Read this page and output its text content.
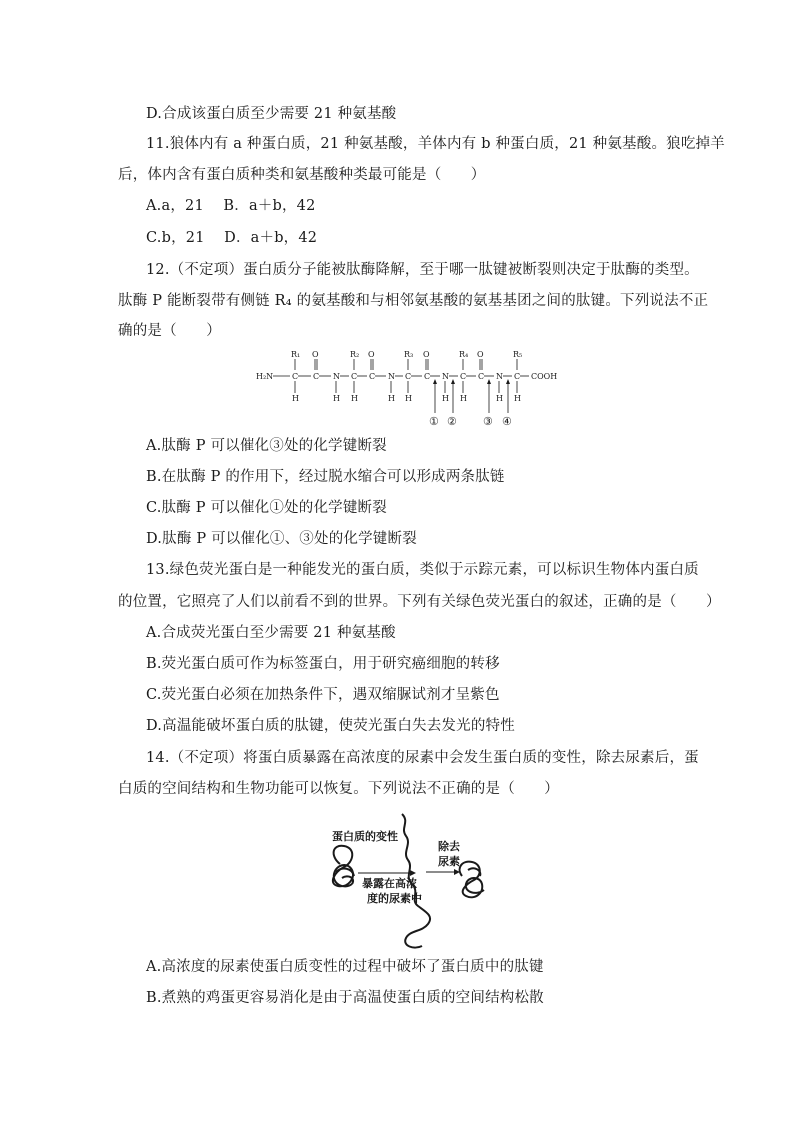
D.合成该蛋白质至少需要 21 种氨基酸
11.狼体内有 a 种蛋白质，21 种氨基酸，羊体内有 b 种蛋白质，21 种氨基酸。狼吃掉羊
后，体内含有蛋白质种类和氨基酸种类最可能是（　　）
A.a，21　 B．a＋b，42
C.b，21　 D．a＋b，42
12.（不定项）蛋白质分子能被肽酶降解，至于哪一肽键被断裂则决定于肽酶的类型。
肽酶 P 能断裂带有侧链 R₄ 的氨基酸和与相邻氨基酸的氨基基团之间的肽键。下列说法不正
确的是（　　）
H₂N C C N C C N C C N C C N C COOH
R₁	R₂	R₃	R₄	R₅
O	O	O	O
H	H H	H H	H H	H H
① ② ③ ④
A.肽酶 P 可以催化③处的化学键断裂
B.在肽酶 P 的作用下，经过脱水缩合可以形成两条肽链
C.肽酶 P 可以催化①处的化学键断裂
D.肽酶 P 可以催化①、③处的化学键断裂
13.绿色荧光蛋白是一种能发光的蛋白质，类似于示踪元素，可以标识生物体内蛋白质
的位置，它照亮了人们以前看不到的世界。下列有关绿色荧光蛋白的叙述，正确的是（　　）
A.合成荧光蛋白至少需要 21 种氨基酸
B.荧光蛋白质可作为标签蛋白，用于研究癌细胞的转移
C.荧光蛋白必须在加热条件下，遇双缩脲试剂才呈紫色
D.高温能破坏蛋白质的肽键，使荧光蛋白失去发光的特性
14.（不定项）将蛋白质暴露在高浓度的尿素中会发生蛋白质的变性，除去尿素后，蛋
白质的空间结构和生物功能可以恢复。下列说法不正确的是（　　）
蛋白质的变性
除去
尿素
暴露在高浓
度的尿素中
A.高浓度的尿素使蛋白质变性的过程中破坏了蛋白质中的肽键
B.煮熟的鸡蛋更容易消化是由于高温使蛋白质的空间结构松散
